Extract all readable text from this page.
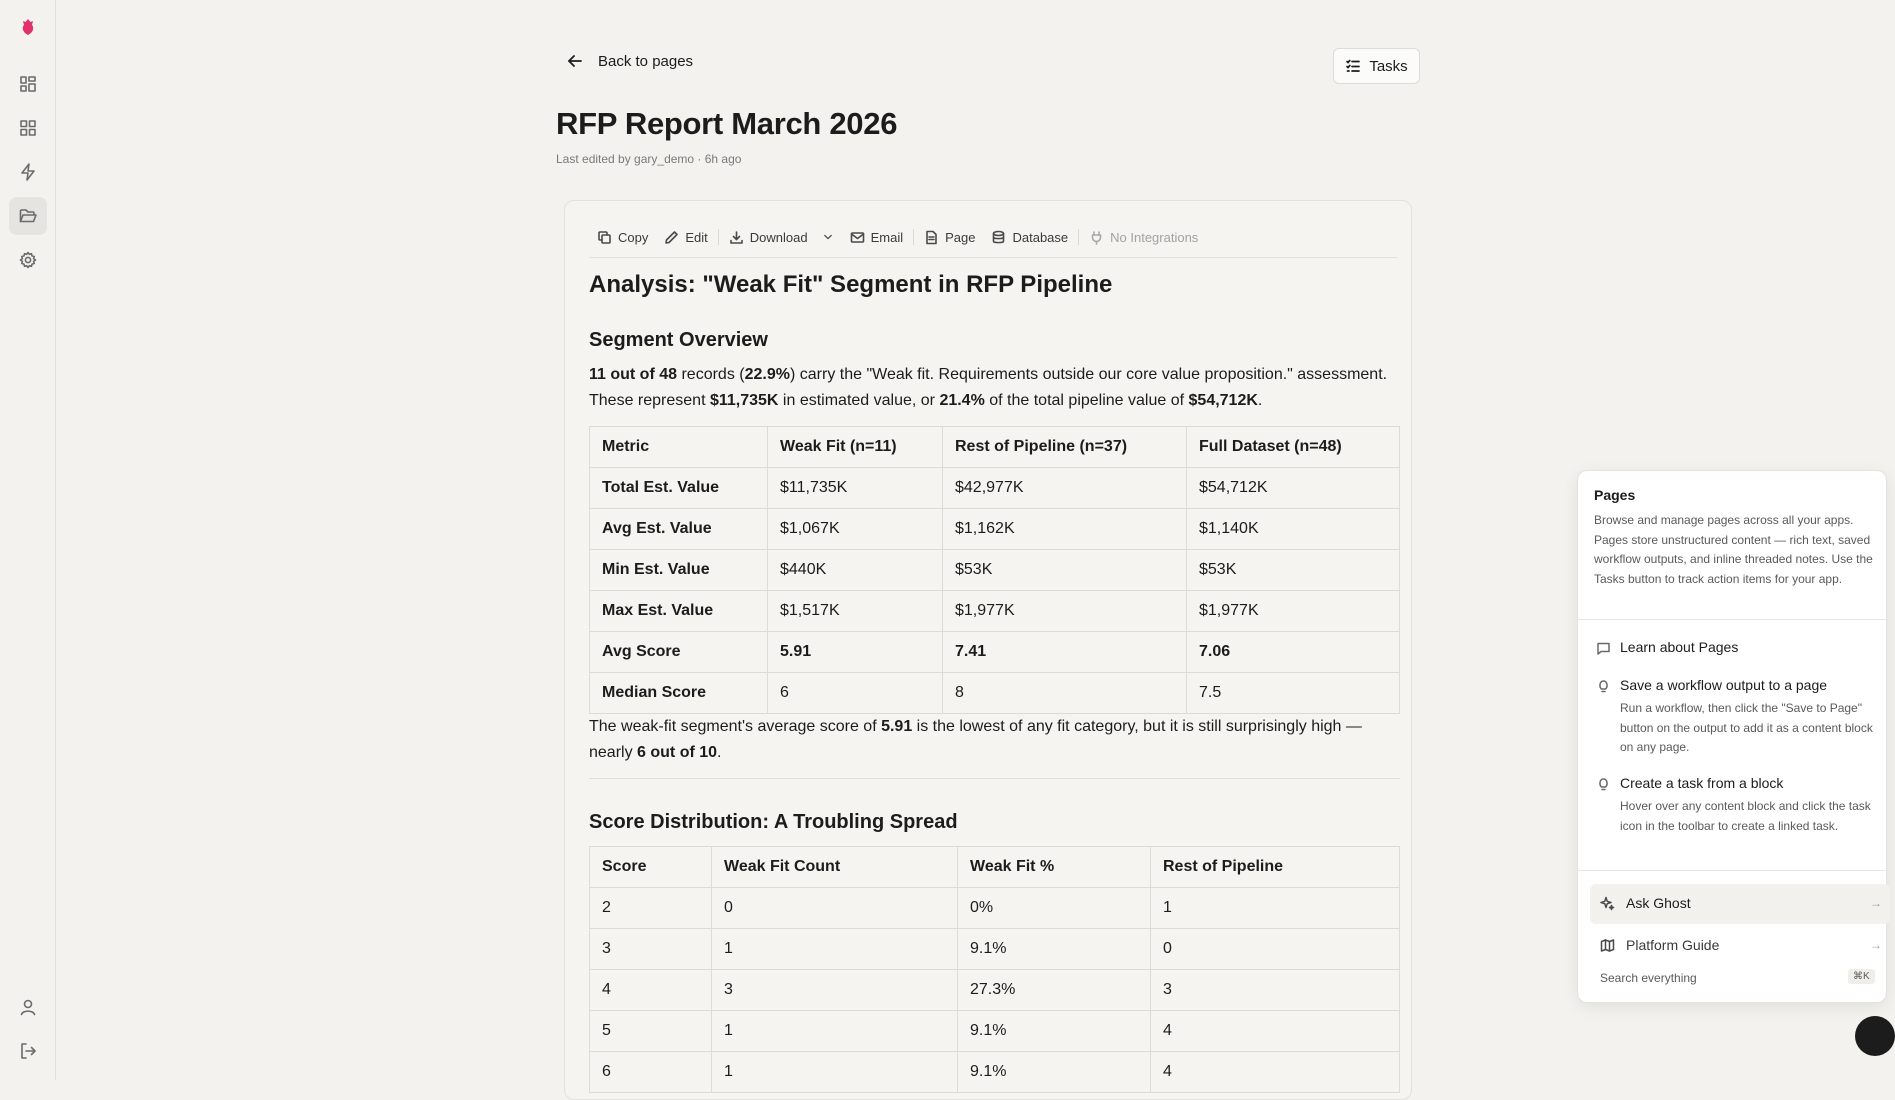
Back to pages	Tasks
RFP Report March 2026
Last edited by gary_demo · 6h ago
Copy	Edit	Download	Email	Page	Database	No Integrations
Analysis: "Weak Fit" Segment in RFP Pipeline
Segment Overview
11 out of 48 records (22.9%) carry the "Weak fit. Requirements outside our core value proposition." assessment. These represent $11,735K in estimated value, or 21.4% of the total pipeline value of $54,712K.
Metric	Weak Fit (n=11)	Rest of Pipeline (n=37)	Full Dataset (n=48)
Total Est. Value	$11,735K	$42,977K	$54,712K
Avg Est. Value	$1,067K	$1,162K	$1,140K
Min Est. Value	$440K	$53K	$53K
Max Est. Value	$1,517K	$1,977K	$1,977K
Avg Score	5.91	7.41	7.06
Median Score	6	8	7.5
The weak-fit segment's average score of 5.91 is the lowest of any fit category, but it is still surprisingly high — nearly 6 out of 10.
Score Distribution: A Troubling Spread
Score	Weak Fit Count	Weak Fit %	Rest of Pipeline
2	0	0%	1
3	1	9.1%	0
4	3	27.3%	3
5	1	9.1%	4
6	1	9.1%	4
Pages
Browse and manage pages across all your apps. Pages store unstructured content — rich text, saved workflow outputs, and inline threaded notes. Use the Tasks button to track action items for your app.
Learn about Pages
Save a workflow output to a page
Run a workflow, then click the "Save to Page" button on the output to add it as a content block on any page.
Create a task from a block
Hover over any content block and click the task icon in the toolbar to create a linked task.
Ask Ghost	→
Platform Guide	→
Search everything	⌘K
